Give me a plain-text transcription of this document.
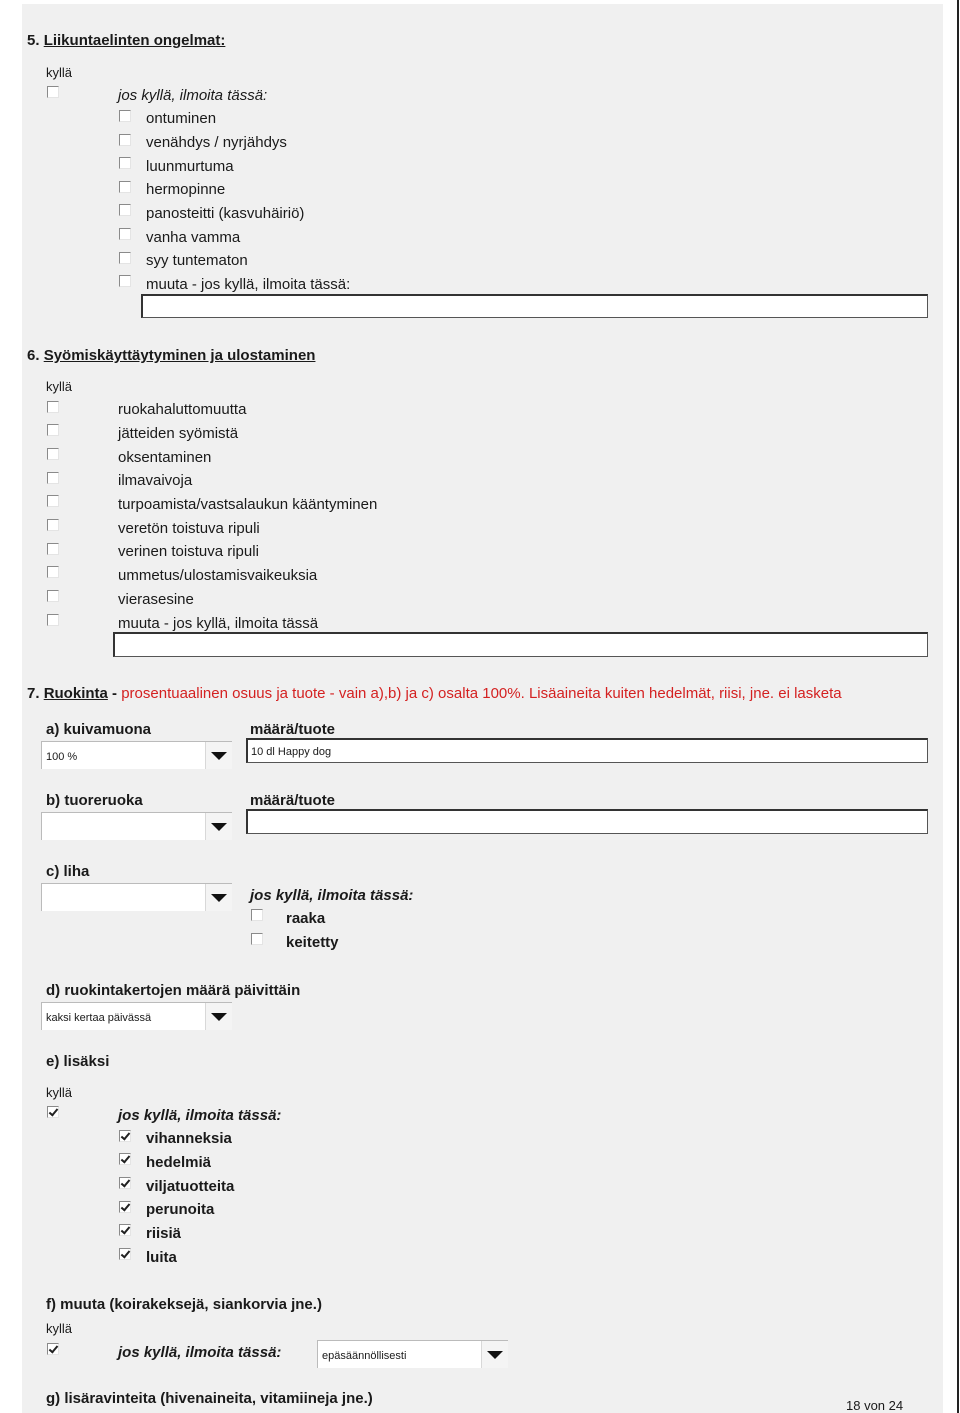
5. Liikuntaelinten ongelmat:
kyllä
jos kyllä, ilmoita tässä:
ontuminen
venähdys / nyrjähdys
luunmurtuma
hermopinne
panosteitti (kasvuhäiriö)
vanha vamma
syy tuntematon
muuta - jos kyllä, ilmoita tässä:
6. Syömiskäyttäytyminen ja ulostaminen
kyllä
ruokahaluttomuutta
jätteiden syömistä
oksentaminen
ilmavaivoja
turpoamista/vastsalaukun kääntyminen
veretön toistuva ripuli
verinen toistuva ripuli
ummetus/ulostamisvaikeuksia
vierasesine
muuta - jos kyllä, ilmoita tässä
7. Ruokinta - prosentuaalinen osuus ja tuote - vain a),b) ja c) osalta 100%. Lisäaineita kuiten hedelmät, riisi, jne. ei lasketa
a) kuivamuona	määrä/tuote
100 %	10 dl Happy dog
b) tuoreruoka	määrä/tuote
c) liha
jos kyllä, ilmoita tässä:
raaka
keitetty
d) ruokintakertojen määrä päivittäin
kaksi kertaa päivässä
e) lisäksi
kyllä
jos kyllä, ilmoita tässä:
vihanneksia
hedelmiä
viljatuotteita
perunoita
riisiä
luita
f) muuta (koirakeksejä, siankorvia jne.)
kyllä
jos kyllä, ilmoita tässä:	epäsäännöllisesti
g) lisäravinteita (hivenaineita, vitamiineja jne.)	18 von 24
